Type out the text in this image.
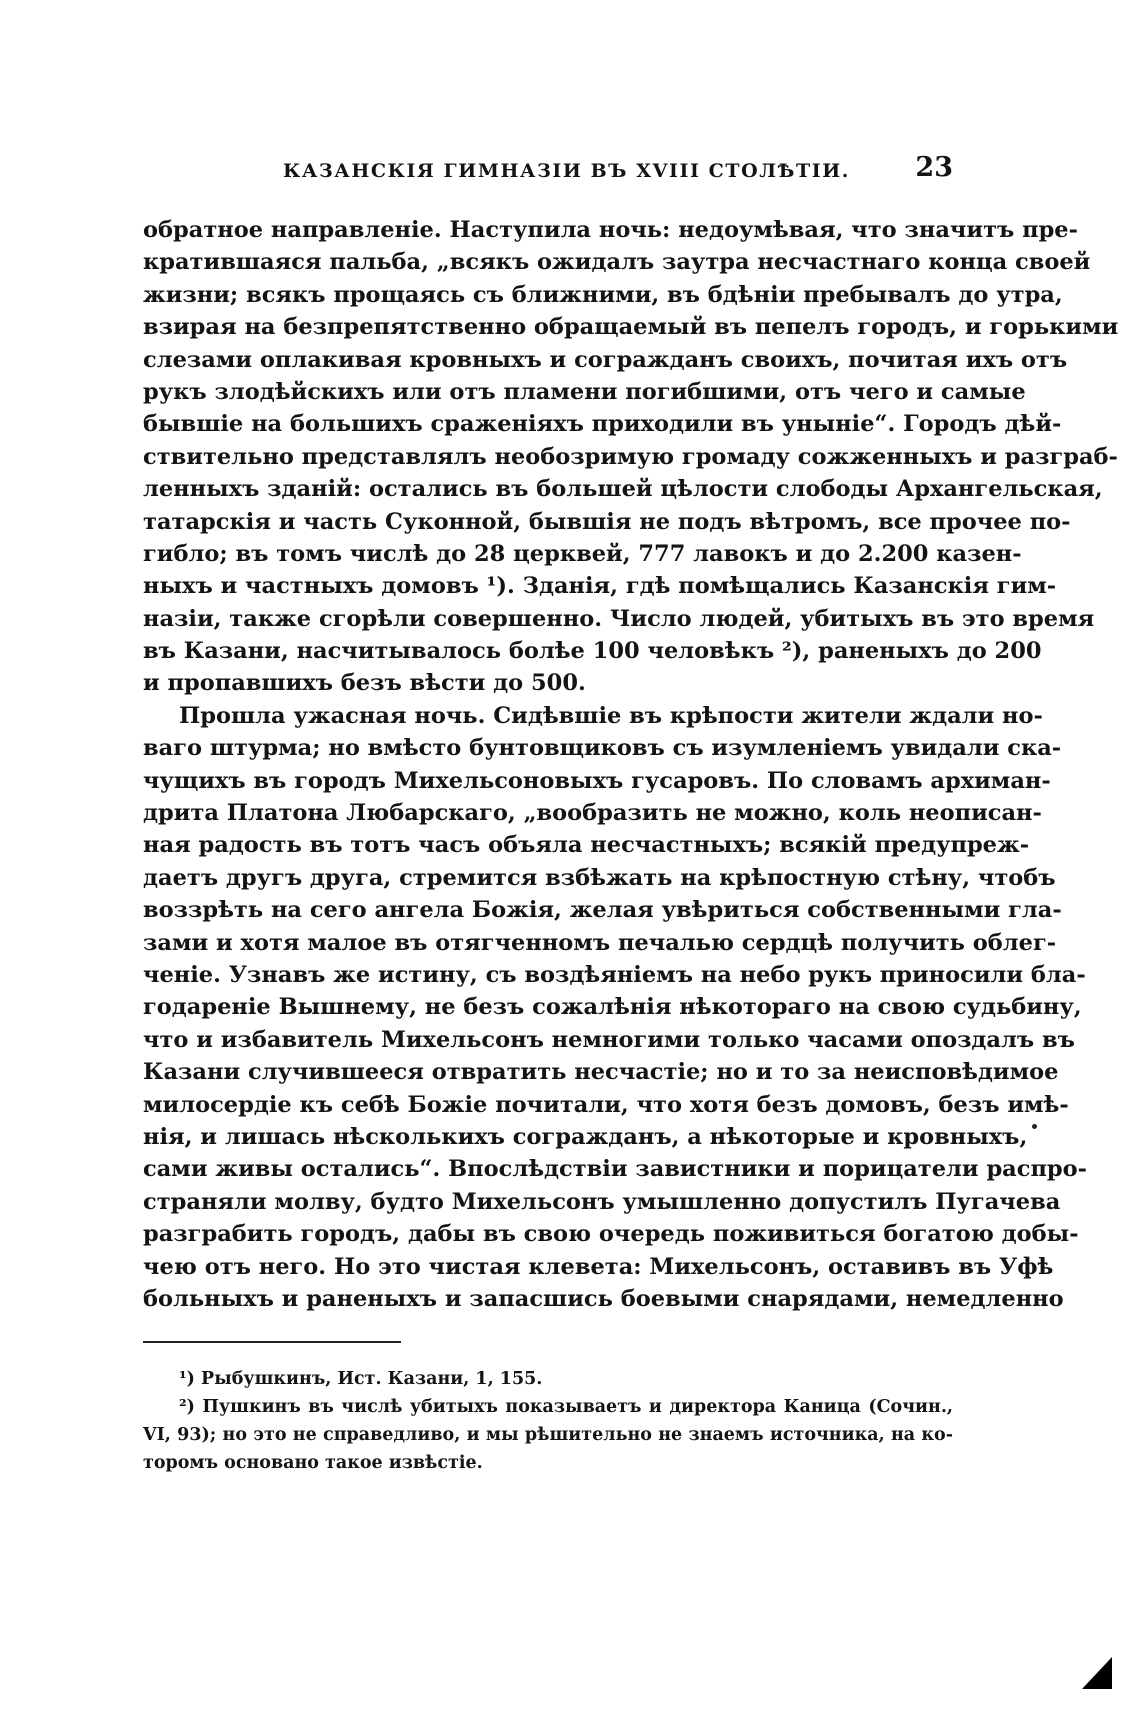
КАЗАНСКІЯ ГИМНАЗІИ ВЪ XVIII СТОЛѢТІИ. 23
обратное направленіе. Наступила ночь: недоумѣвая, что значитъ пре-
кратившаяся пальба, „всякъ ожидалъ заутра несчастнаго конца своей
жизни; всякъ прощаясь съ ближними, въ бдѣніи пребывалъ до утра,
взирая на безпрепятственно обращаемый въ пепелъ городъ, и горькими
слезами оплакивая кровныхъ и согражданъ своихъ, почитая ихъ отъ
рукъ злодѣйскихъ или отъ пламени погибшими, отъ чего и самые
бывшіе на большихъ сраженіяхъ приходили въ уныніе“. Городъ дѣй-
ствительно представлялъ необозримую громаду сожженныхъ и разграб-
ленныхъ зданій: остались въ большей цѣлости слободы Архангельская,
татарскія и часть Суконной, бывшія не подъ вѣтромъ, все прочее по-
гибло; въ томъ числѣ до 28 церквей, 777 лавокъ и до 2.200 казен-
ныхъ и частныхъ домовъ ¹). Зданія, гдѣ помѣщались Казанскія гим-
назіи, также сгорѣли совершенно. Число людей, убитыхъ въ это время
въ Казани, насчитывалось болѣе 100 человѣкъ ²), раненыхъ до 200
и пропавшихъ безъ вѣсти до 500.
Прошла ужасная ночь. Сидѣвшіе въ крѣпости жители ждали но-
ваго штурма; но вмѣсто бунтовщиковъ съ изумленіемъ увидали ска-
чущихъ въ городъ Михельсоновыхъ гусаровъ. По словамъ архиман-
дрита Платона Любарскаго, „вообразить не можно, коль неописан-
ная радость въ тотъ часъ объяла несчастныхъ; всякій предупреж-
даетъ другъ друга, стремится взбѣжать на крѣпостную стѣну, чтобъ
воззрѣть на сего ангела Божія, желая увѣриться собственными гла-
зами и хотя малое въ отягченномъ печалью сердцѣ получить облег-
ченіе. Узнавъ же истину, съ воздѣяніемъ на небо рукъ приносили бла-
годареніе Вышнему, не безъ сожалѣнія нѣкотораго на свою судьбину,
что и избавитель Михельсонъ немногими только часами опоздалъ въ
Казани случившееся отвратить несчастіе; но и то за неисповѣдимое
милосердіе къ себѣ Божіе почитали, что хотя безъ домовъ, безъ имѣ-
нія, и лишась нѣсколькихъ согражданъ, а нѣкоторые и кровныхъ,
сами живы остались“. Впослѣдствіи завистники и порицатели распро-
страняли молву, будто Михельсонъ умышленно допустилъ Пугачева
разграбить городъ, дабы въ свою очередь поживиться богатою добы-
чею отъ него. Но это чистая клевета: Михельсонъ, оставивъ въ Уфѣ
больныхъ и раненыхъ и запасшись боевыми снарядами, немедленно
¹) Рыбушкинъ, Ист. Казани, 1, 155.
²) Пушкинъ въ числѣ убитыхъ показываетъ и директора Каница (Сочин.,
VI, 93); но это не справедливо, и мы рѣшительно не знаемъ источника, на ко-
торомъ основано такое извѣстіе.
